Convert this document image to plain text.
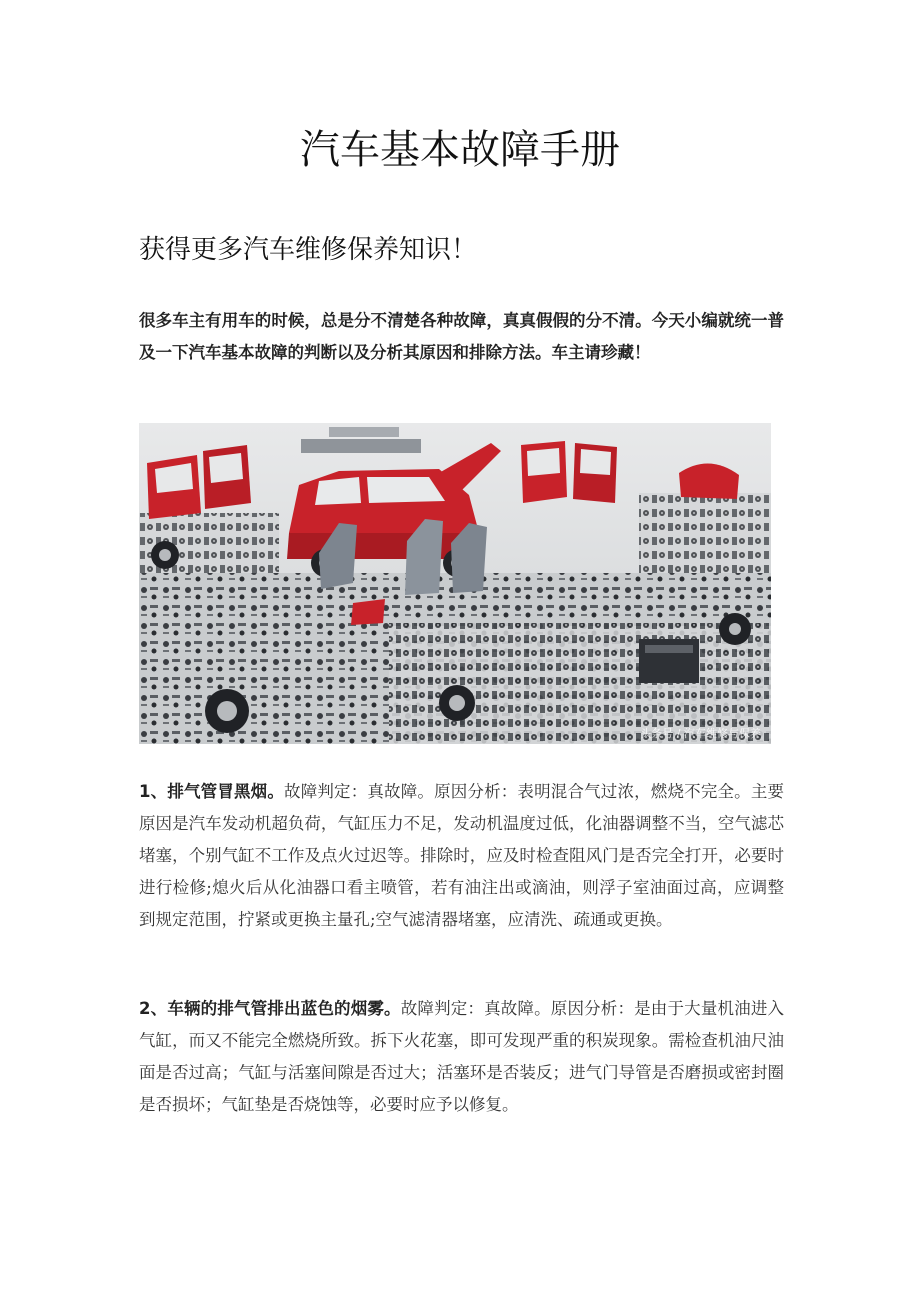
汽车基本故障手册
获得更多汽车维修保养知识！

很多车主有用车的时候，总是分不清楚各种故障，真真假假的分不清。今天小编就统一普及一下汽车基本故障的判断以及分析其原因和排除方法。车主请珍藏！

头条号 / 汽车维修与保养

1、排气管冒黑烟。故障判定：真故障。原因分析：表明混合气过浓，燃烧不完全。主要原因是汽车发动机超负荷，气缸压力不足，发动机温度过低，化油器调整不当，空气滤芯堵塞，个别气缸不工作及点火过迟等。排除时，应及时检查阻风门是否完全打开，必要时进行检修;熄火后从化油器口看主喷管，若有油注出或滴油，则浮子室油面过高，应调整到规定范围，拧紧或更换主量孔;空气滤清器堵塞，应清洗、疏通或更换。

2、车辆的排气管排出蓝色的烟雾。故障判定：真故障。原因分析：是由于大量机油进入气缸，而又不能完全燃烧所致。拆下火花塞，即可发现严重的积炭现象。需检查机油尺油面是否过高；气缸与活塞间隙是否过大；活塞环是否装反；进气门导管是否磨损或密封圈是否损坏；气缸垫是否烧蚀等，必要时应予以修复。
